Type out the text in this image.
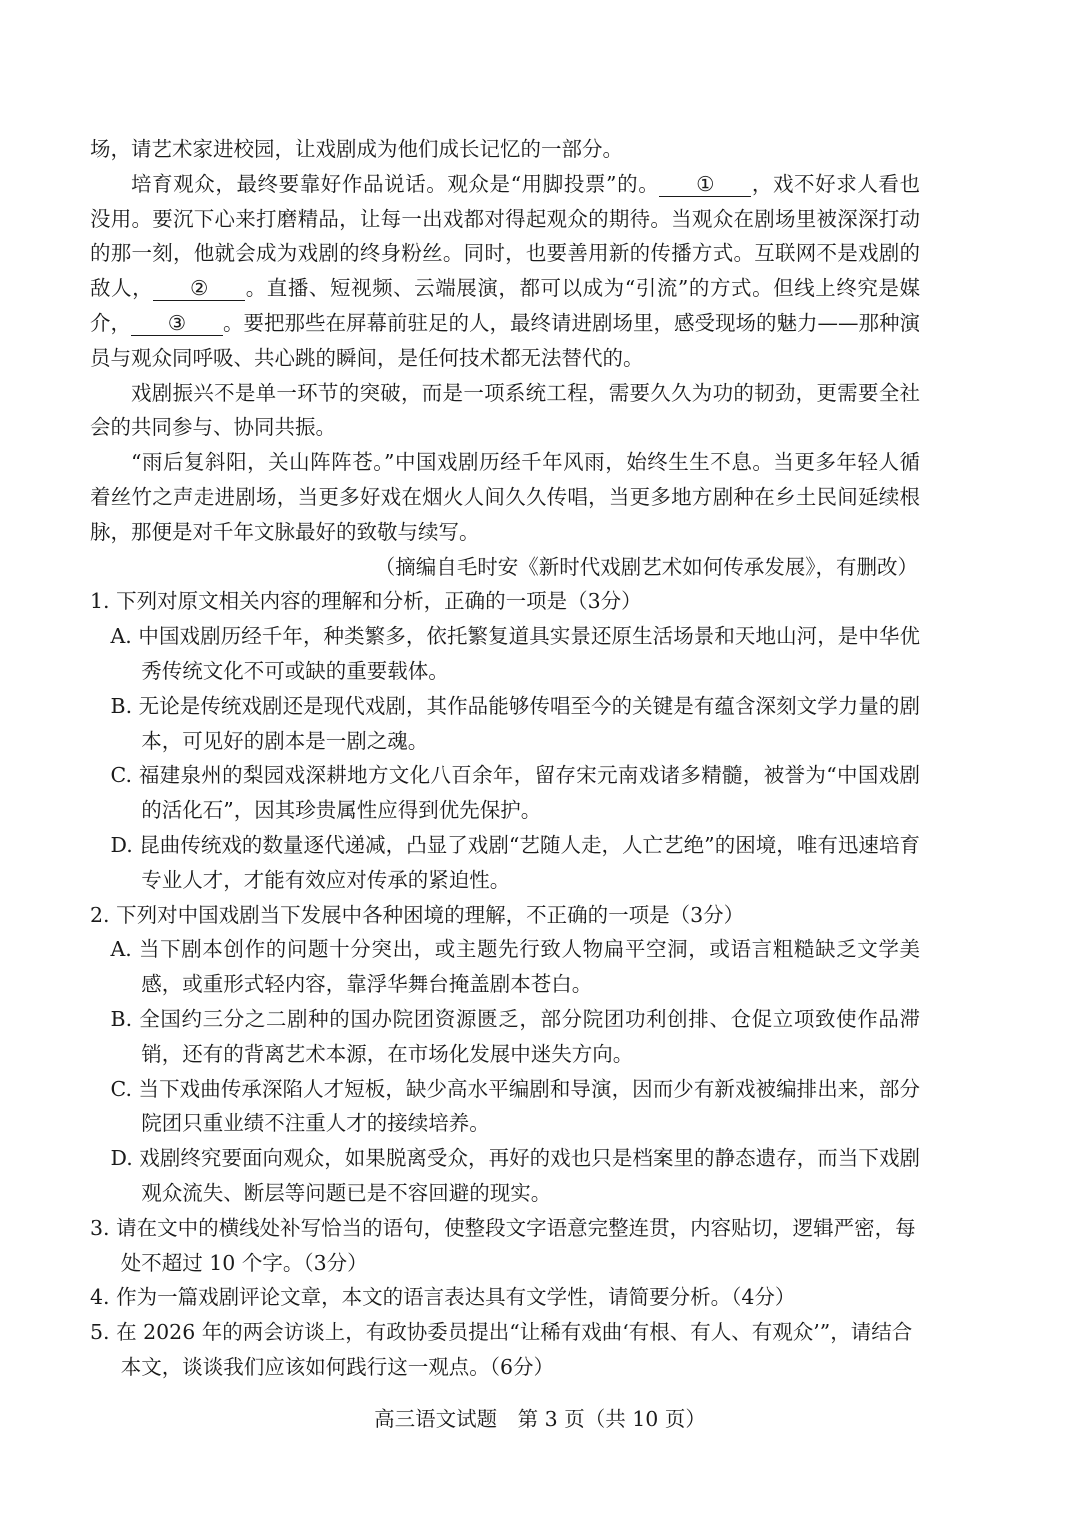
场，请艺术家进校园，让戏剧成为他们成长记忆的一部分。

培育观众，最终要靠好作品说话。观众是“用脚投票”的。 ① ，戏不好求人看也没用。要沉下心来打磨精品，让每一出戏都对得起观众的期待。当观众在剧场里被深深打动的那一刻，他就会成为戏剧的终身粉丝。同时，也要善用新的传播方式。互联网不是戏剧的敌人， ② 。直播、短视频、云端展演，都可以成为“引流”的方式。但线上终究是媒介， ③ 。要把那些在屏幕前驻足的人，最终请进剧场里，感受现场的魅力——那种演员与观众同呼吸、共心跳的瞬间，是任何技术都无法替代的。

戏剧振兴不是单一环节的突破，而是一项系统工程，需要久久为功的韧劲，更需要全社会的共同参与、协同共振。

“雨后复斜阳，关山阵阵苍。”中国戏剧历经千年风雨，始终生生不息。当更多年轻人循着丝竹之声走进剧场，当更多好戏在烟火人间久久传唱，当更多地方剧种在乡土民间延续根脉，那便是对千年文脉最好的致敬与续写。

（摘编自毛时安《新时代戏剧艺术如何传承发展》，有删改）

1. 下列对原文相关内容的理解和分析，正确的一项是（3分）

A. 中国戏剧历经千年，种类繁多，依托繁复道具实景还原生活场景和天地山河，是中华优秀传统文化不可或缺的重要载体。

B. 无论是传统戏剧还是现代戏剧，其作品能够传唱至今的关键是有蕴含深刻文学力量的剧本，可见好的剧本是一剧之魂。

C. 福建泉州的梨园戏深耕地方文化八百余年，留存宋元南戏诸多精髓，被誉为“中国戏剧的活化石”，因其珍贵属性应得到优先保护。

D. 昆曲传统戏的数量逐代递减，凸显了戏剧“艺随人走，人亡艺绝”的困境，唯有迅速培育专业人才，才能有效应对传承的紧迫性。

2. 下列对中国戏剧当下发展中各种困境的理解，不正确的一项是（3分）

A. 当下剧本创作的问题十分突出，或主题先行致人物扁平空洞，或语言粗糙缺乏文学美感，或重形式轻内容，靠浮华舞台掩盖剧本苍白。

B. 全国约三分之二剧种的国办院团资源匮乏，部分院团功利创排、仓促立项致使作品滞销，还有的背离艺术本源，在市场化发展中迷失方向。

C. 当下戏曲传承深陷人才短板，缺少高水平编剧和导演，因而少有新戏被编排出来，部分院团只重业绩不注重人才的接续培养。

D. 戏剧终究要面向观众，如果脱离受众，再好的戏也只是档案里的静态遗存，而当下戏剧观众流失、断层等问题已是不容回避的现实。

3. 请在文中的横线处补写恰当的语句，使整段文字语意完整连贯，内容贴切，逻辑严密，每处不超过 10 个字。（3分）

4. 作为一篇戏剧评论文章，本文的语言表达具有文学性，请简要分析。（4分）

5. 在 2026 年的两会访谈上，有政协委员提出“让稀有戏曲‘有根、有人、有观众’”，请结合本文，谈谈我们应该如何践行这一观点。（6分）

高三语文试题　第 3 页（共 10 页）
